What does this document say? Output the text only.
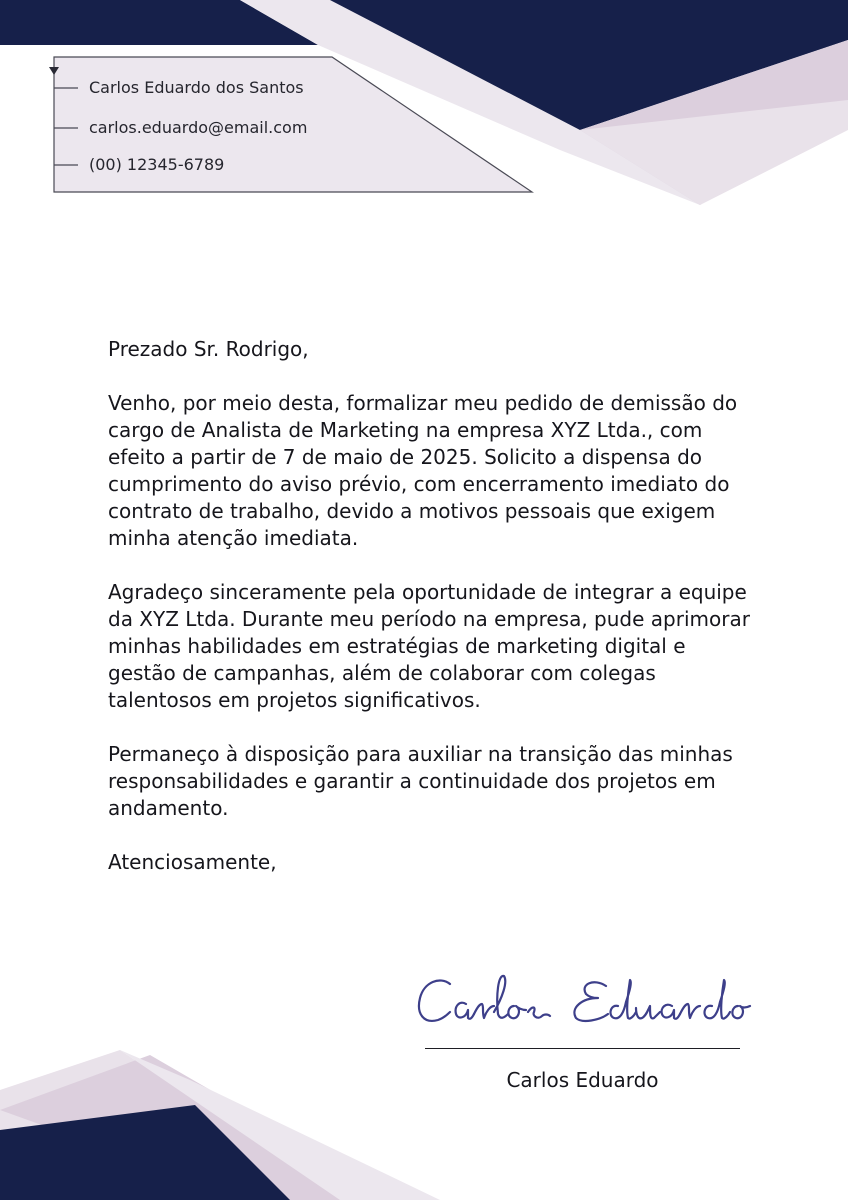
Carlos Eduardo dos Santos
carlos.eduardo@email.com
(00) 12345-6789

Prezado Sr. Rodrigo,

Venho, por meio desta, formalizar meu pedido de demissão do cargo de Analista de Marketing na empresa XYZ Ltda., com efeito a partir de 7 de maio de 2025. Solicito a dispensa do cumprimento do aviso prévio, com encerramento imediato do contrato de trabalho, devido a motivos pessoais que exigem minha atenção imediata.

Agradeço sinceramente pela oportunidade de integrar a equipe da XYZ Ltda. Durante meu período na empresa, pude aprimorar minhas habilidades em estratégias de marketing digital e gestão de campanhas, além de colaborar com colegas talentosos em projetos significativos.

Permaneço à disposição para auxiliar na transição das minhas responsabilidades e garantir a continuidade dos projetos em andamento.

Atenciosamente,

Carlos Eduardo
